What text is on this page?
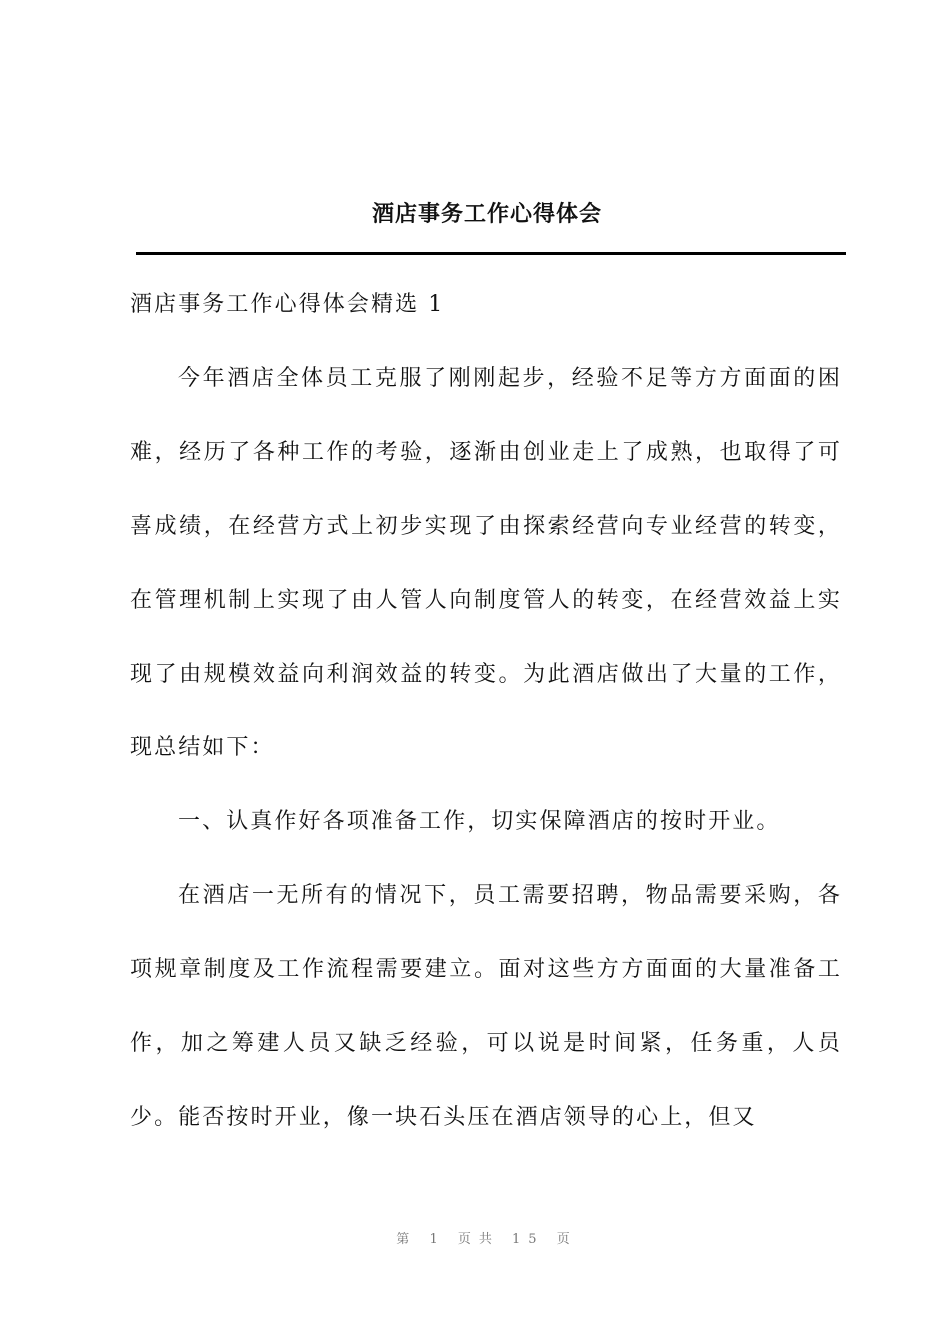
酒店事务工作心得体会

酒店事务工作心得体会精选 1

今年酒店全体员工克服了刚刚起步，经验不足等方方面面的困难，经历了各种工作的考验，逐渐由创业走上了成熟，也取得了可喜成绩，在经营方式上初步实现了由探索经营向专业经营的转变，在管理机制上实现了由人管人向制度管人的转变，在经营效益上实现了由规模效益向利润效益的转变。为此酒店做出了大量的工作，现总结如下：

一、认真作好各项准备工作，切实保障酒店的按时开业。

在酒店一无所有的情况下，员工需要招聘，物品需要采购，各项规章制度及工作流程需要建立。面对这些方方面面的大量准备工作，加之筹建人员又缺乏经验，可以说是时间紧，任务重，人员少。能否按时开业，像一块石头压在酒店领导的心上，但又

第 1 页共 15 页
